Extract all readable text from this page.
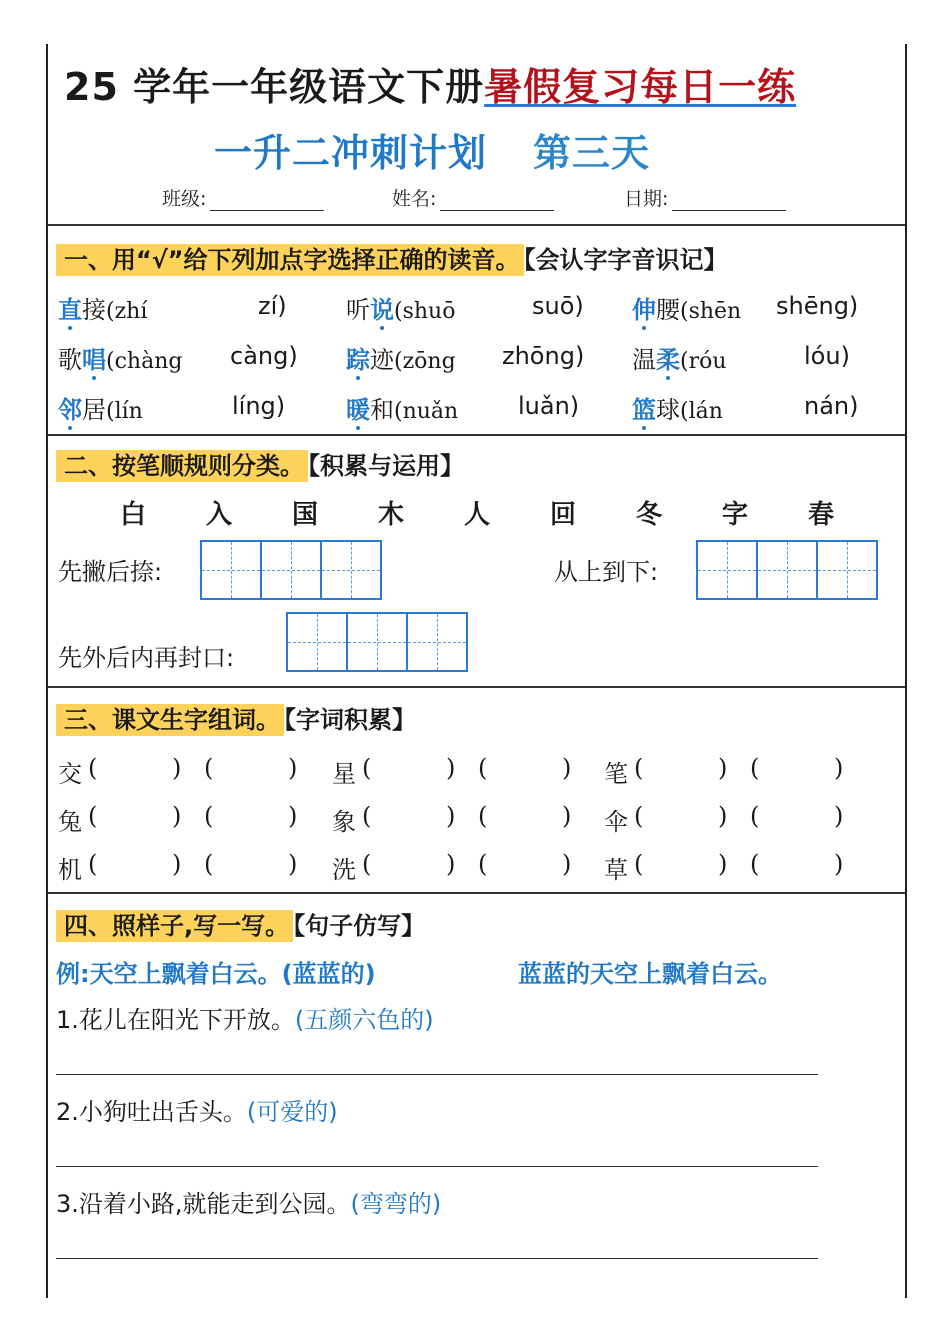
25 学年一年级语文下册暑假复习每日一练
一升二冲刺计划 第三天
班级:	姓名:	日期:
一、用“√”给下列加点字选择正确的读音。 【会认字字音识记】
直接(zhí	zí) 听说(shuō	suō) 伸腰(shēn shēng)
歌唱(chàng càng) 踪迹(zōng zhōng) 温柔(róu	lóu)
邻居(lín	líng)	暖和(nuǎn luǎn) 篮球(lán	nán)
二、按笔顺规则分类。 【积累与运用】
白 入 国 木 人 回 冬 字 春
先撇后捺:	从上到下:
先外后内再封口:
三、课文生字组词。 【字词积累】
交 (	) (	) 星 (	) (	) 笔 (	) (	)
兔 (	) (	) 象 (	) (	) 伞 (	) (	)
机 (	) (	) 洗 (	) (	) 草 (	) (	)
四、照样子,写一写。 【句子仿写】
例:天空上飘着白云。(蓝蓝的)	蓝蓝的天空上飘着白云。
1.花儿在阳光下开放。(五颜六色的)
2.小狗吐出舌头。(可爱的)
3.沿着小路,就能走到公园。(弯弯的)
